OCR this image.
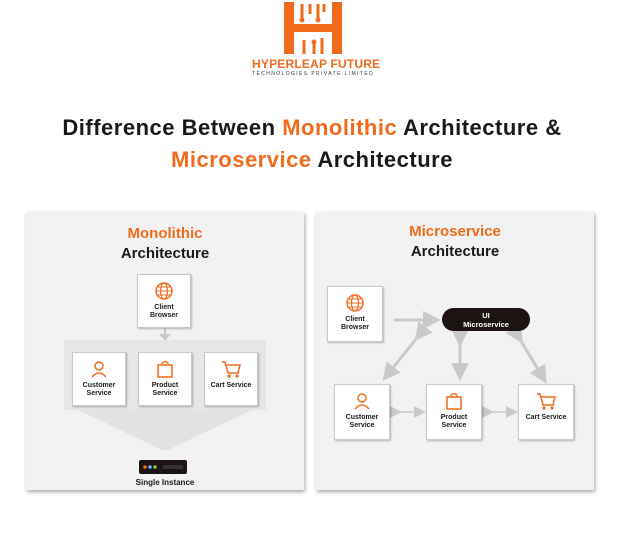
HYPERLEAP FUTURE
TECHNOLOGIES PRIVATE LIMITED
Difference Between Monolithic Architecture &
Microservice Architecture
Monolithic
Architecture
Client
Browser
Customer
Service
Product
Service
Cart Service
Single Instance
Microservice
Architecture
Client
Browser
UI
Microservice
Customer
Service
Product
Service
Cart Service
